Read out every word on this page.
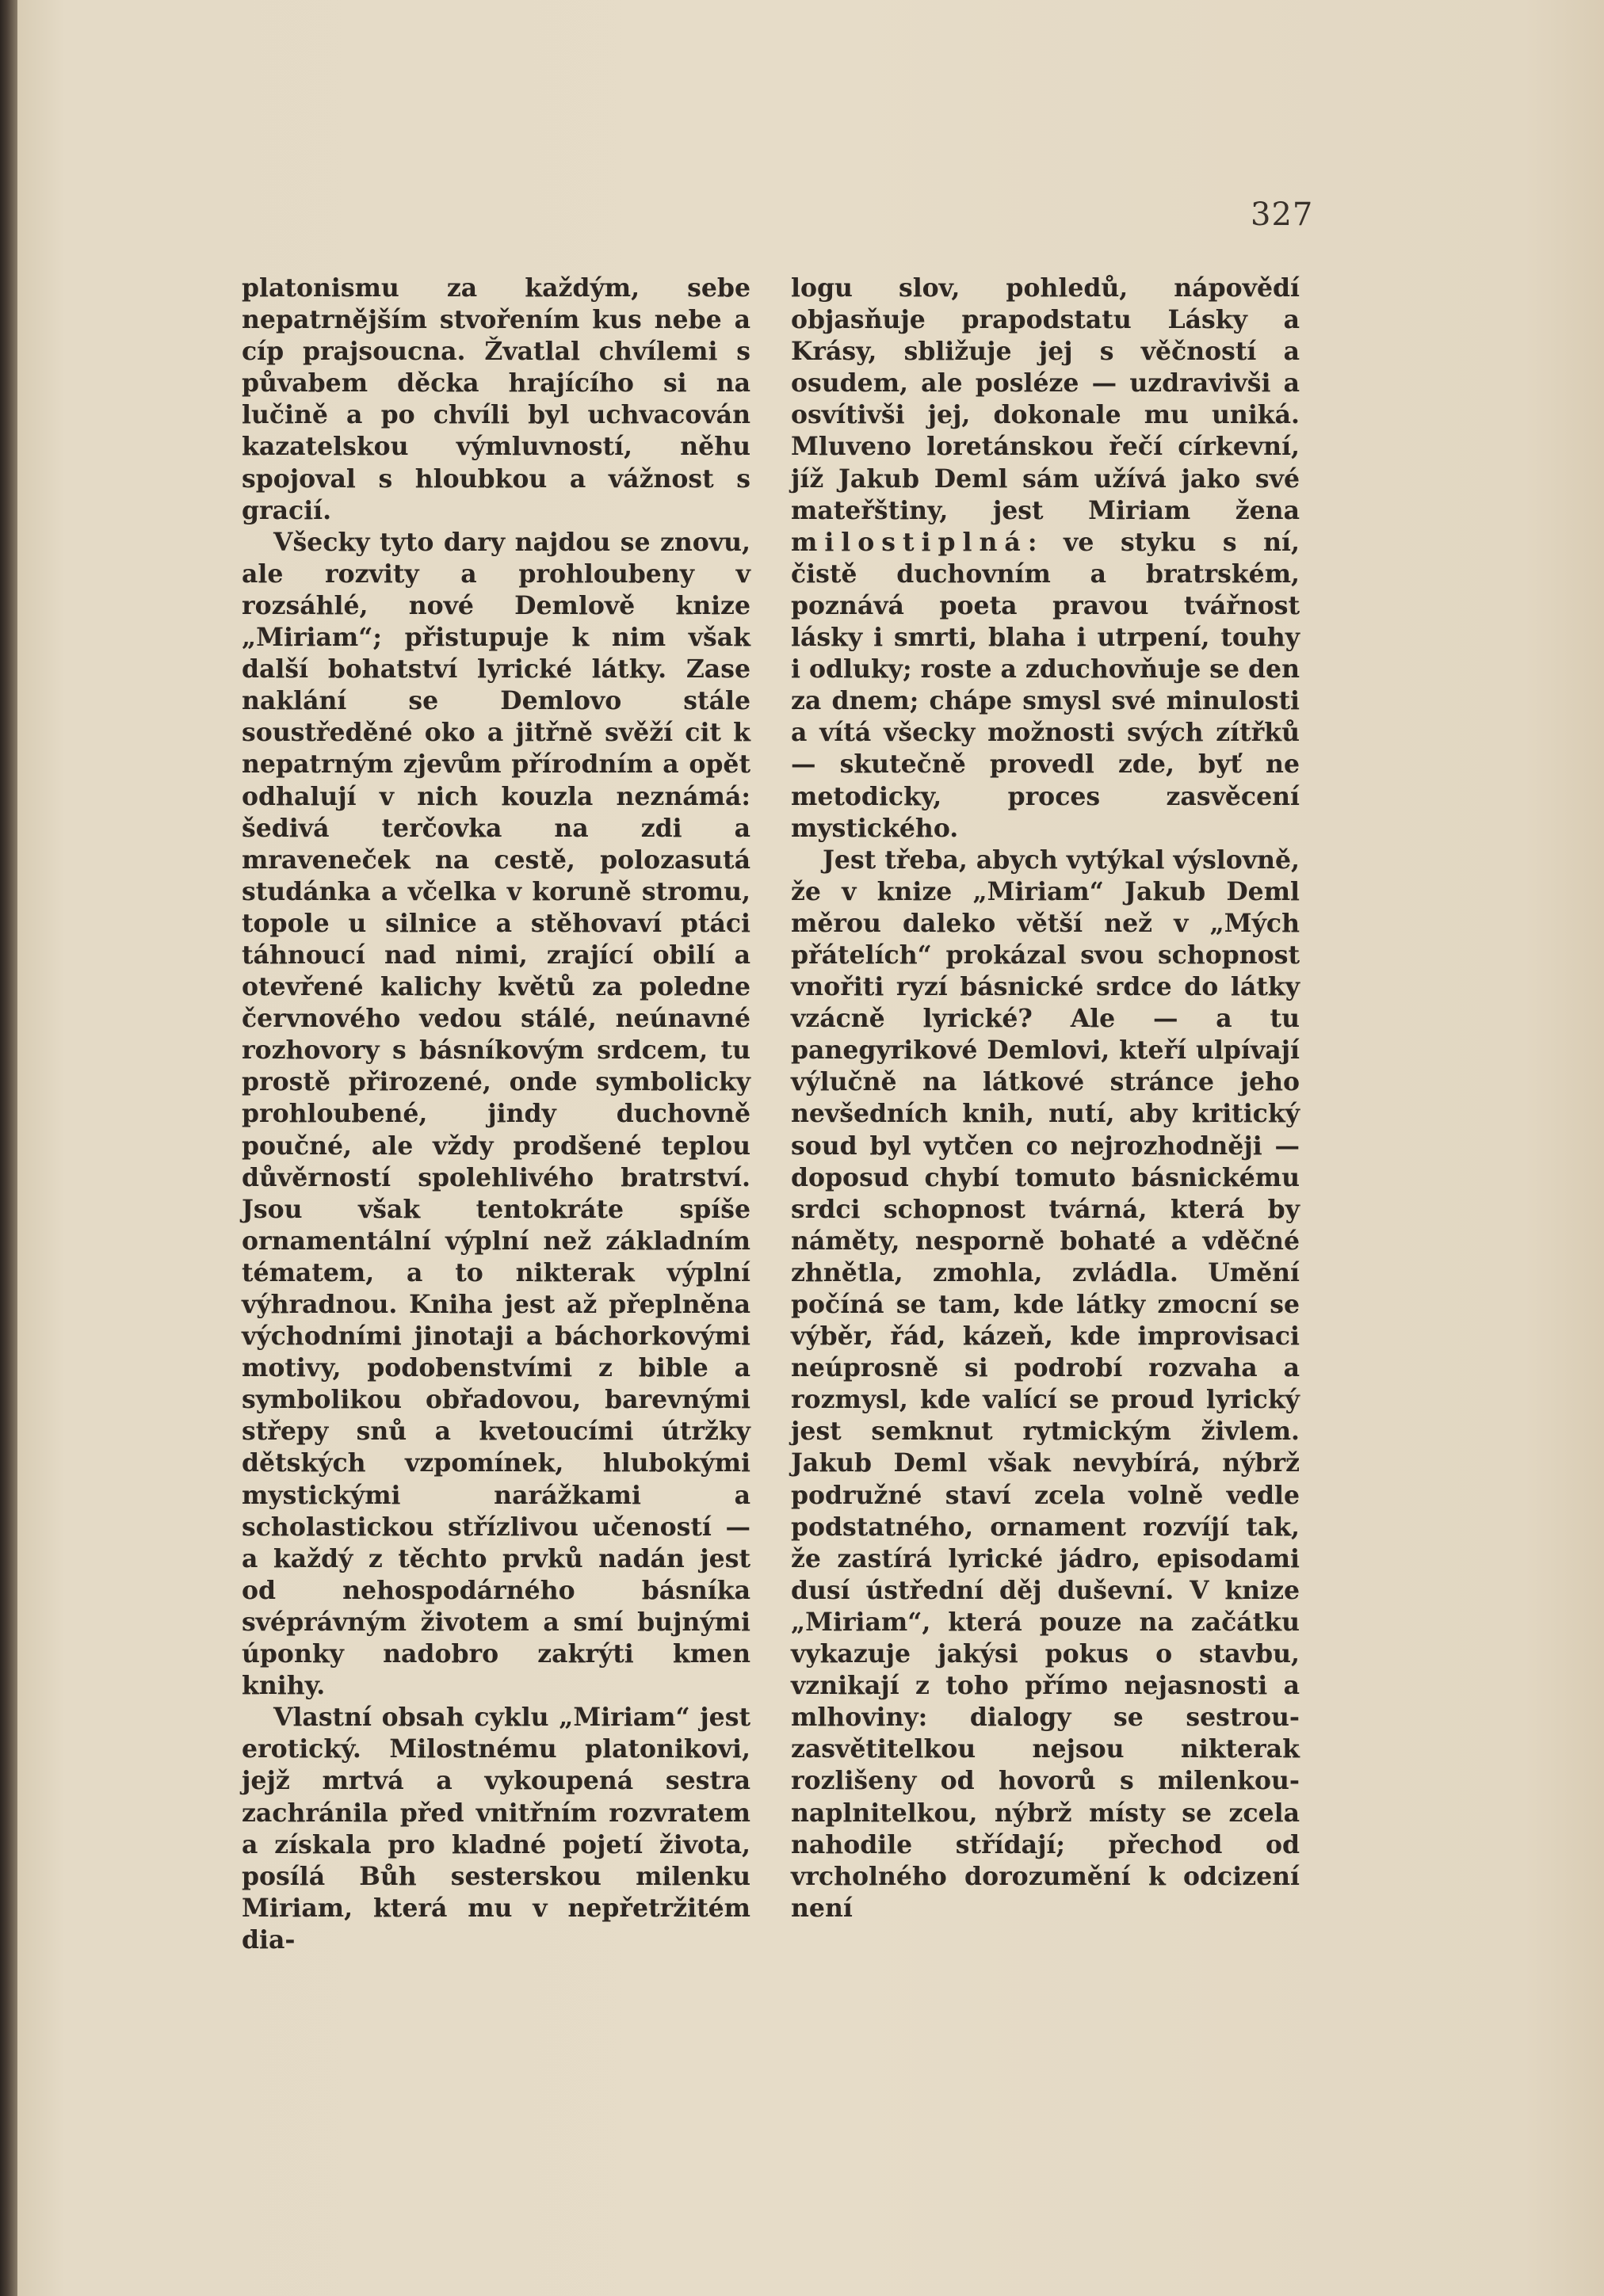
327

platonismu za každým, sebe nepatrnějším stvořením kus nebe a cíp prajsoucna. Žvatlal chvílemi s půvabem děcka hrajícího si na lučině a po chvíli byl uchvacován kazatelskou výmluvností, něhu spojoval s hloubkou a vážnost s gracií.

Všecky tyto dary najdou se znovu, ale rozvity a prohloubeny v rozsáhlé, nové Demlově knize „Miriam“; přistupuje k nim však další bohatství lyrické látky. Zase naklání se Demlovo stále soustředěné oko a jitřně svěží cit k nepatrným zjevům přírodním a opět odhalují v nich kouzla neznámá: šedivá terčovka na zdi a mraveneček na cestě, polozasutá studánka a včelka v koruně stromu, topole u silnice a stěhovaví ptáci táhnoucí nad nimi, zrající obilí a otevřené kalichy květů za poledne červnového vedou stálé, neúnavné rozhovory s básníkovým srdcem, tu prostě přirozené, onde symbolicky prohloubené, jindy duchovně poučné, ale vždy prodšené teplou důvěrností spolehlivého bratrství. Jsou však tentokráte spíše ornamentální výplní než základním tématem, a to nikterak výplní výhradnou. Kniha jest až přeplněna východními jinotaji a báchorkovými motivy, podobenstvími z bible a symbolikou obřadovou, barevnými střepy snů a kvetoucími útržky dětských vzpomínek, hlubokými mystickými narážkami a scholastickou střízlivou učeností — a každý z těchto prvků nadán jest od nehospodárného básníka svéprávným životem a smí bujnými úponky nadobro zakrýti kmen knihy.

Vlastní obsah cyklu „Miriam“ jest erotický. Milostnému platonikovi, jejž mrtvá a vykoupená sestra zachránila před vnitřním rozvratem a získala pro kladné pojetí života, posílá Bůh sesterskou milenku Miriam, která mu v nepřetržitém dia-

logu slov, pohledů, nápovědí objasňuje prapodstatu Lásky a Krásy, sbližuje jej s věčností a osudem, ale posléze — uzdravivši a osvítivši jej, dokonale mu uniká. Mluveno loretánskou řečí církevní, jíž Jakub Deml sám užívá jako své mateřštiny, jest Miriam žena milostiplná: ve styku s ní, čistě duchovním a bratrském, poznává poeta pravou tvářnost lásky i smrti, blaha i utrpení, touhy i odluky; roste a zduchovňuje se den za dnem; chápe smysl své minulosti a vítá všecky možnosti svých zítřků — skutečně provedl zde, byť ne metodicky, proces zasvěcení mystického.

Jest třeba, abych vytýkal výslovně, že v knize „Miriam“ Jakub Deml měrou daleko větší než v „Mých přátelích“ prokázal svou schopnost vnořiti ryzí básnické srdce do látky vzácně lyrické? Ale — a tu panegyrikové Demlovi, kteří ulpívají výlučně na látkové stránce jeho nevšedních knih, nutí, aby kritický soud byl vytčen co nejrozhodněji — doposud chybí tomuto básnickému srdci schopnost tvárná, která by náměty, nesporně bohaté a vděčné zhnětla, zmohla, zvládla. Umění počíná se tam, kde látky zmocní se výběr, řád, kázeň, kde improvisaci neúprosně si podrobí rozvaha a rozmysl, kde valící se proud lyrický jest semknut rytmickým živlem. Jakub Deml však nevybírá, nýbrž podružné staví zcela volně vedle podstatného, ornament rozvíjí tak, že zastírá lyrické jádro, episodami dusí ústřední děj duševní. V knize „Miriam“, která pouze na začátku vykazuje jakýsi pokus o stavbu, vznikají z toho přímo nejasnosti a mlhoviny: dialogy se sestrou-zasvětitelkou nejsou nikterak rozlišeny od hovorů s milenkou-naplnitelkou, nýbrž místy se zcela nahodile střídají; přechod od vrcholného dorozumění k odcizení není
